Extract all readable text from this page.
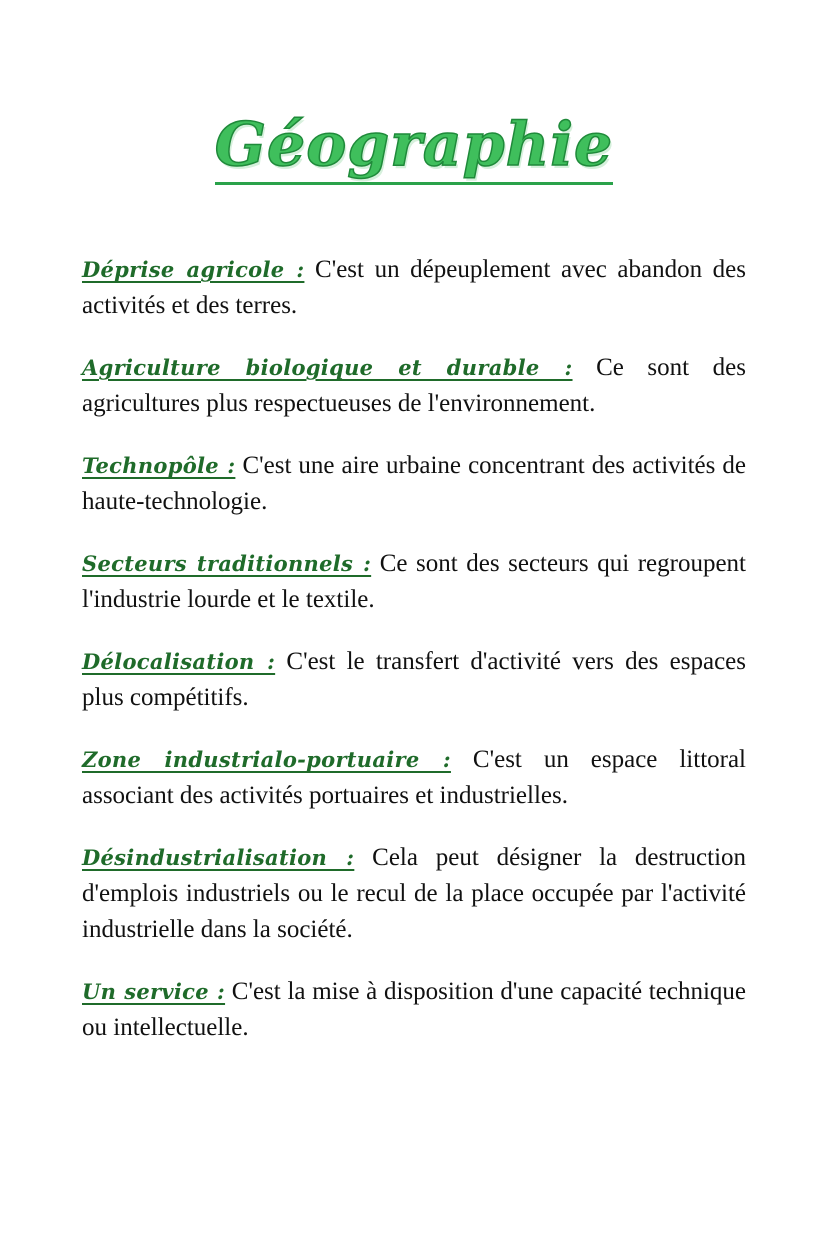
Géographie

Déprise agricole : C'est un dépeuplement avec abandon des activités et des terres.

Agriculture biologique et durable : Ce sont des agricultures plus respectueuses de l'environnement.

Technopôle : C'est une aire urbaine concentrant des activités de haute-technologie.

Secteurs traditionnels : Ce sont des secteurs qui regroupent l'industrie lourde et le textile.

Délocalisation : C'est le transfert d'activité vers des espaces plus compétitifs.

Zone industrialo-portuaire : C'est un espace littoral associant des activités portuaires et industrielles.

Désindustrialisation : Cela peut désigner la destruction d'emplois industriels ou le recul de la place occupée par l'activité industrielle dans la société.

Un service : C'est la mise à disposition d'une capacité technique ou intellectuelle.
